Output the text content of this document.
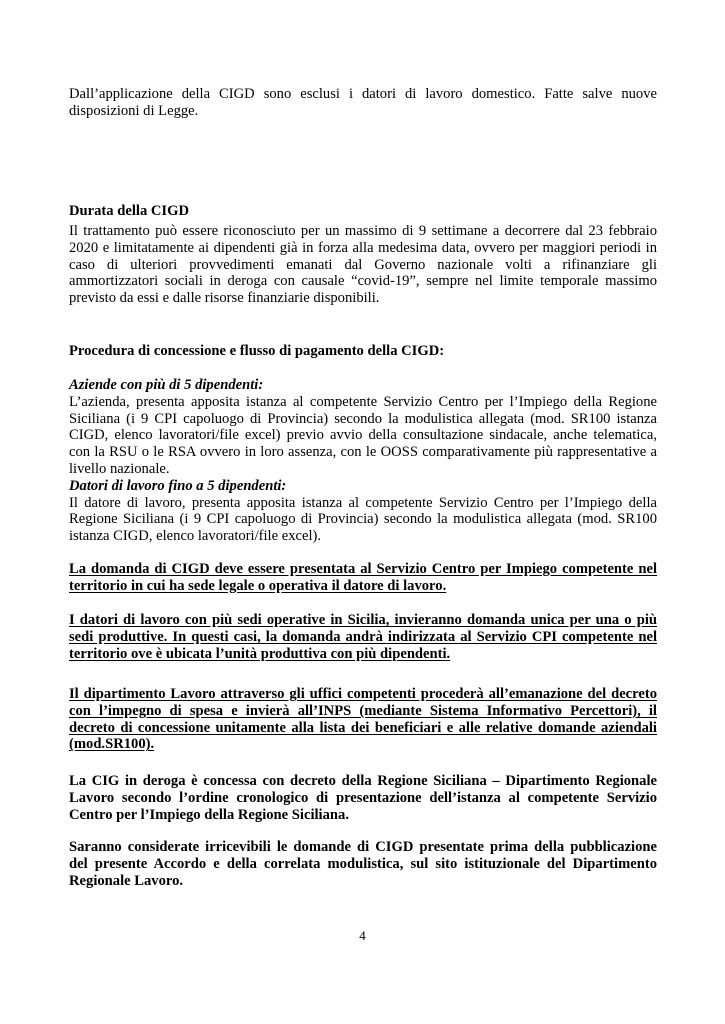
Dall’applicazione della CIGD sono esclusi i datori di lavoro domestico. Fatte salve nuove

disposizioni di Legge.

Durata della CIGD

Il trattamento può essere riconosciuto per un massimo di 9 settimane a decorrere dal 23 febbraio

2020 e limitatamente ai dipendenti già in forza alla medesima data, ovvero per maggiori periodi in

caso di ulteriori provvedimenti emanati dal Governo nazionale volti a rifinanziare gli

ammortizzatori sociali in deroga con causale “covid-19”, sempre nel limite temporale massimo

previsto da essi e dalle risorse finanziarie disponibili.

Procedura di concessione e flusso di pagamento della CIGD:

Aziende con più di 5 dipendenti:

L’azienda, presenta apposita istanza al competente Servizio Centro per l’Impiego della Regione

Siciliana (i 9 CPI capoluogo di Provincia) secondo la modulistica allegata (mod. SR100 istanza

CIGD, elenco lavoratori/file excel) previo avvio della consultazione sindacale, anche telematica,

con la RSU o le RSA ovvero in loro assenza, con le OOSS comparativamente più rappresentative a

livello nazionale.

Datori di lavoro fino a 5 dipendenti:

Il datore di lavoro, presenta apposita istanza al competente Servizio Centro per l’Impiego della

Regione Siciliana (i 9 CPI capoluogo di Provincia) secondo la modulistica allegata (mod. SR100

istanza CIGD, elenco lavoratori/file excel).

La domanda di CIGD deve essere presentata al Servizio Centro per Impiego competente nel

territorio in cui ha sede legale o operativa il datore di lavoro.

I datori di lavoro con più sedi operative in Sicilia, invieranno domanda unica per una o più

sedi produttive. In questi casi, la domanda andrà indirizzata al Servizio CPI competente nel

territorio ove è ubicata l’unità produttiva con più dipendenti.

Il dipartimento Lavoro attraverso gli uffici competenti procederà all’emanazione del decreto

con l’impegno di spesa e invierà all’INPS (mediante Sistema Informativo Percettori), il

decreto di concessione unitamente alla lista dei beneficiari e alle relative domande aziendali

(mod.SR100).

La CIG in deroga è concessa con decreto della Regione Siciliana – Dipartimento Regionale

Lavoro secondo l’ordine cronologico di presentazione dell’istanza al competente Servizio

Centro per l’Impiego della Regione Siciliana.

Saranno considerate irricevibili le domande di CIGD presentate prima della pubblicazione

del presente Accordo e della correlata modulistica, sul sito istituzionale del Dipartimento

Regionale Lavoro.

4
